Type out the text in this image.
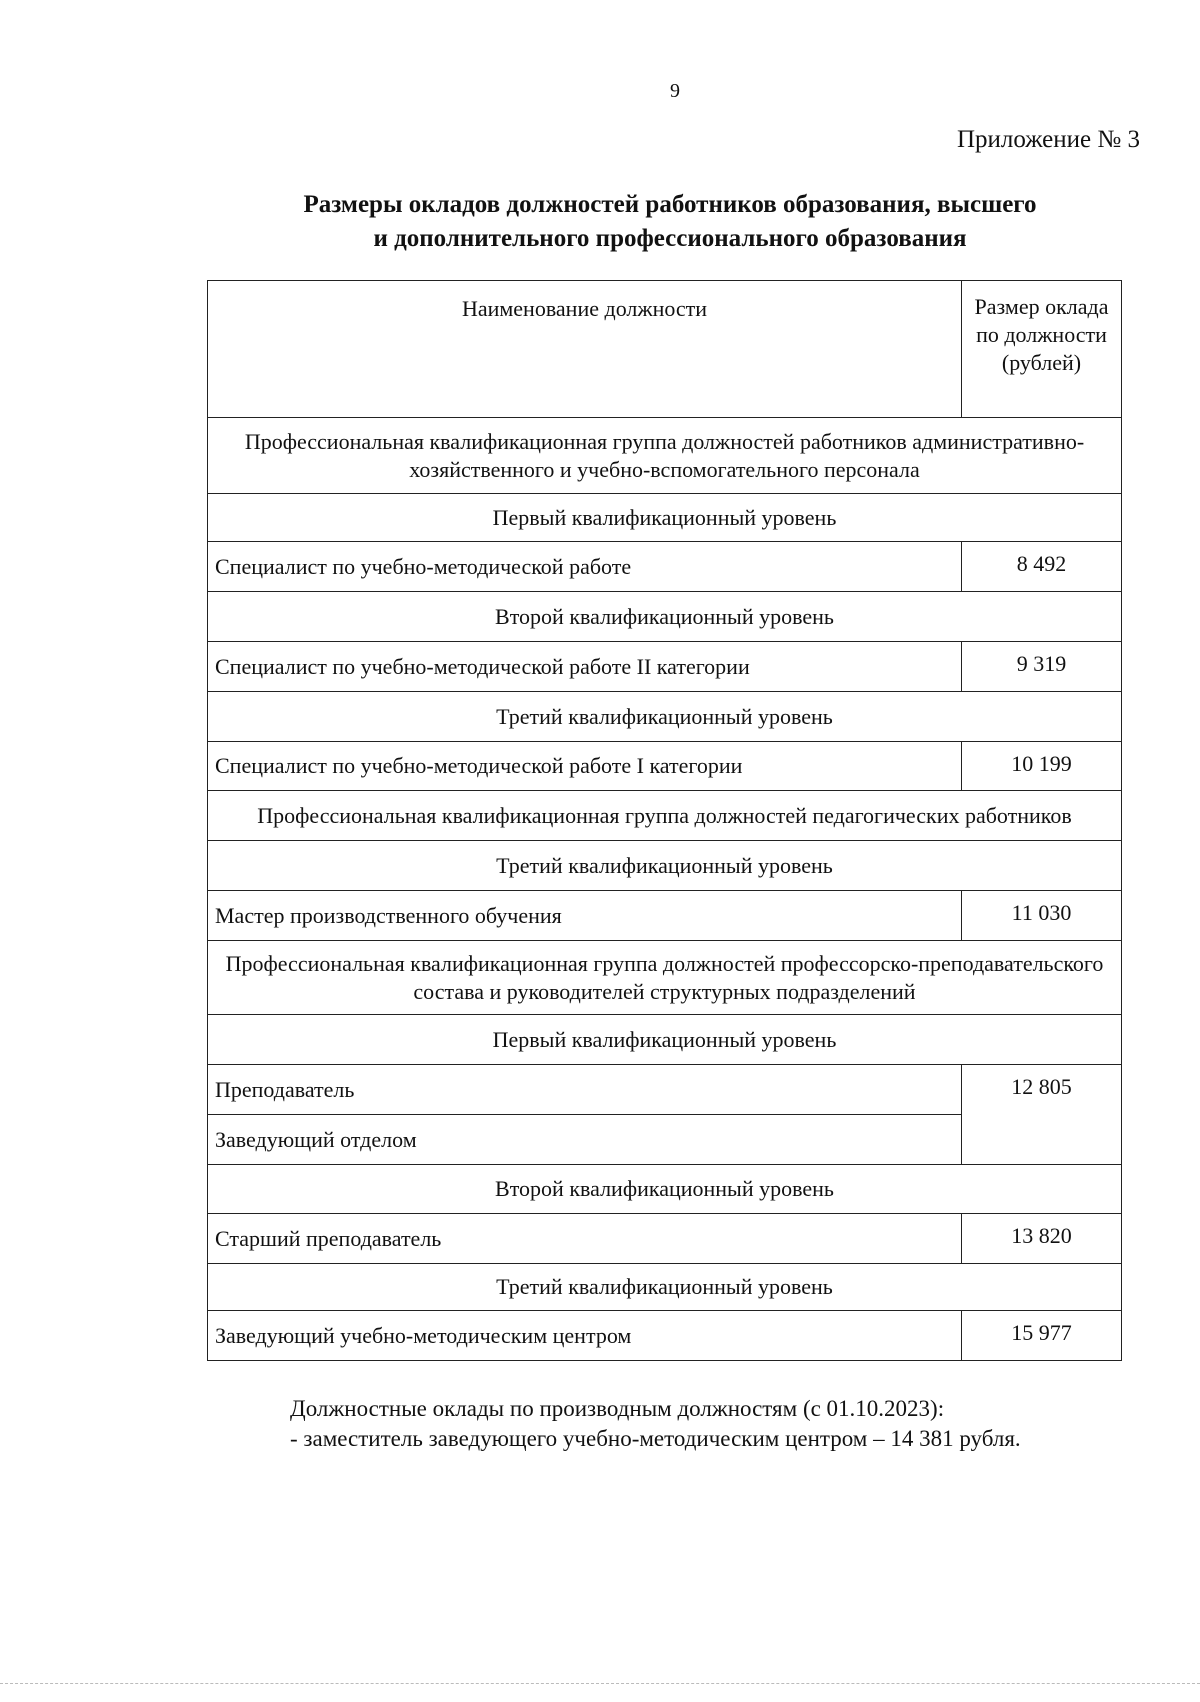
9
Приложение № 3
Размеры окладов должностей работников образования, высшего
и дополнительного профессионального образования
Наименование должности	Размер оклада по должности (рублей)
Профессиональная квалификационная группа должностей работников административно-хозяйственного и учебно-вспомогательного персонала	
Первый квалификационный уровень	
Специалист по учебно-методической работе	8 492
Второй квалификационный уровень	
Специалист по учебно-методической работе II категории	9 319
Третий квалификационный уровень	
Специалист по учебно-методической работе I категории	10 199
Профессиональная квалификационная группа должностей педагогических работников	
Третий квалификационный уровень	
Мастер производственного обучения	11 030
Профессиональная квалификационная группа должностей профессорско-преподавательского состава и руководителей структурных подразделений	
Первый квалификационный уровень	
Преподаватель	12 805
Заведующий отделом	
Второй квалификационный уровень	
Старший преподаватель	13 820
Третий квалификационный уровень	
Заведующий учебно-методическим центром	15 977
Должностные оклады по производным должностям (с 01.10.2023):
- заместитель заведующего учебно-методическим центром – 14 381 рубля.
